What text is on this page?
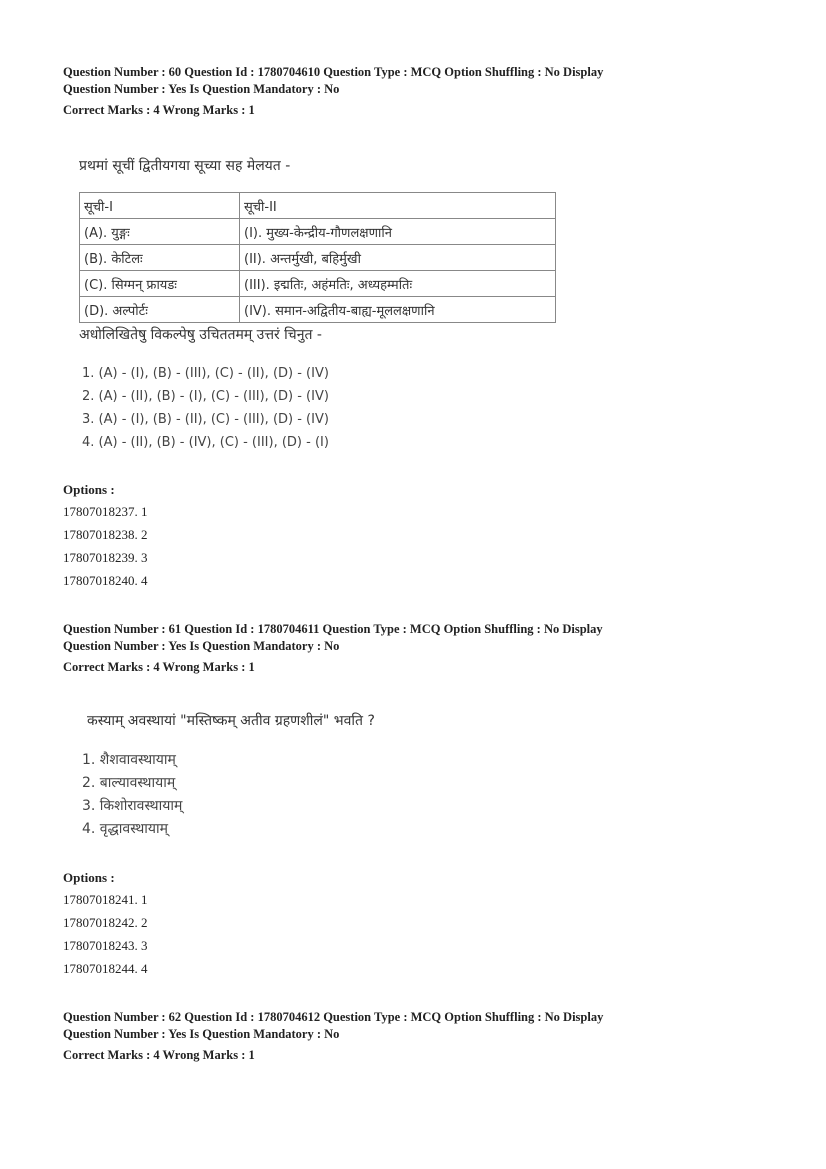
Question Number : 60 Question Id : 1780704610 Question Type : MCQ Option Shuffling : No Display
Question Number : Yes Is Question Mandatory : No
Correct Marks : 4 Wrong Marks : 1
प्रथमां सूचीं द्वितीयगया सूच्या सह मेलयत -
सूची-I	सूची-II
(A). युङ्गः	(I). मुख्य-केन्द्रीय-गौणलक्षणानि
(B). केटिलः	(II). अन्तर्मुखी, बहिर्मुखी
(C). सिग्मन् फ्रायडः	(III). इद्मतिः, अहंमतिः, अध्यहम्मतिः
(D). अल्पोर्टः	(IV). समान-अद्वितीय-बाह्य-मूललक्षणानि
अधोलिखितेषु विकल्पेषु उचिततमम् उत्तरं चिनुत -
1. (A) - (I), (B) - (III), (C) - (II), (D) - (IV)
2. (A) - (II), (B) - (I), (C) - (III), (D) - (IV)
3. (A) - (I), (B) - (II), (C) - (III), (D) - (IV)
4. (A) - (II), (B) - (IV), (C) - (III), (D) - (I)
Options :
17807018237. 1
17807018238. 2
17807018239. 3
17807018240. 4
Question Number : 61 Question Id : 1780704611 Question Type : MCQ Option Shuffling : No Display
Question Number : Yes Is Question Mandatory : No
Correct Marks : 4 Wrong Marks : 1
कस्याम् अवस्थायां "मस्तिष्कम् अतीव ग्रहणशीलं" भवति ?
1. शैशवावस्थायाम्
2. बाल्यावस्थायाम्
3. किशोरावस्थायाम्
4. वृद्धावस्थायाम्
Options :
17807018241. 1
17807018242. 2
17807018243. 3
17807018244. 4
Question Number : 62 Question Id : 1780704612 Question Type : MCQ Option Shuffling : No Display
Question Number : Yes Is Question Mandatory : No
Correct Marks : 4 Wrong Marks : 1
